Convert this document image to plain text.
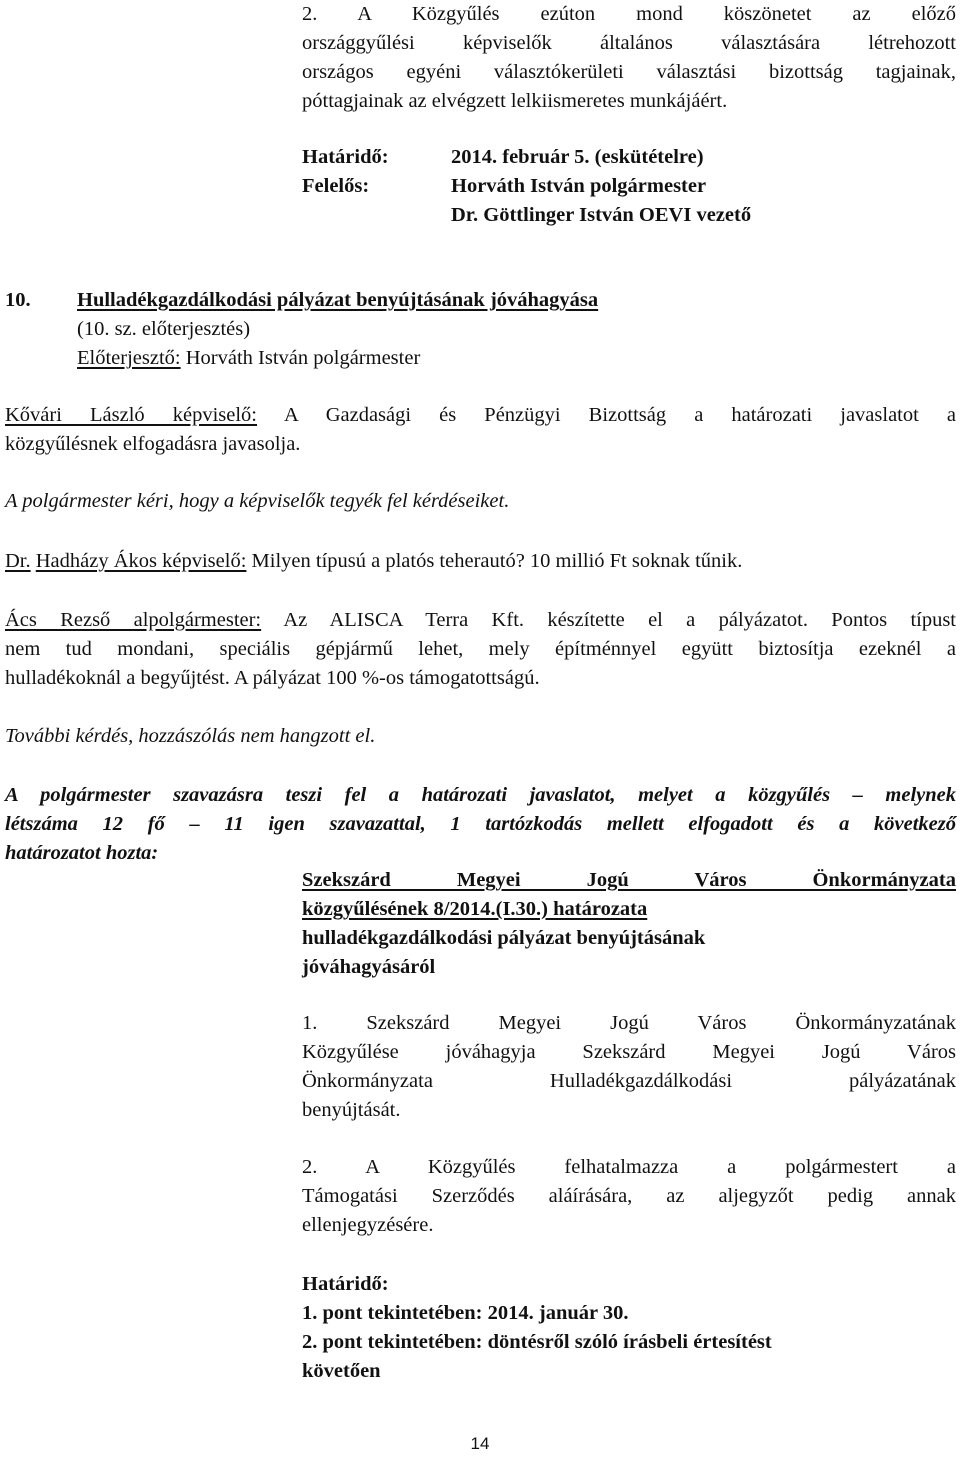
2. A Közgyűlés ezúton mond köszönetet az előző
országgyűlési képviselők általános választására létrehozott
országos egyéni választókerületi választási bizottság tagjainak,
póttagjainak az elvégzett lelkiismeretes munkájáért.
Határidő:	2014. február 5. (eskütételre)
Felelős:	Horváth István polgármester
Dr. Göttlinger István OEVI vezető
10. Hulladékgazdálkodási pályázat benyújtásának jóváhagyása
(10. sz. előterjesztés)
Előterjesztő: Horváth István polgármester
Kővári László képviselő: A Gazdasági és Pénzügyi Bizottság a határozati javaslatot a
közgyűlésnek elfogadásra javasolja.
A polgármester kéri, hogy a képviselők tegyék fel kérdéseiket.
Dr. Hadházy Ákos képviselő: Milyen típusú a platós teherautó? 10 millió Ft soknak tűnik.
Ács Rezső alpolgármester: Az ALISCA Terra Kft. készítette el a pályázatot. Pontos típust
nem tud mondani, speciális gépjármű lehet, mely építménnyel együtt biztosítja ezeknél a
hulladékoknál a begyűjtést. A pályázat 100 %-os támogatottságú.
További kérdés, hozzászólás nem hangzott el.
A polgármester szavazásra teszi fel a határozati javaslatot, melyet a közgyűlés – melynek
létszáma 12 fő – 11 igen szavazattal, 1 tartózkodás mellett elfogadott és a következő
határozatot hozta:
Szekszárd Megyei Jogú Város Önkormányzata
közgyűlésének 8/2014.(I.30.) határozata
hulladékgazdálkodási pályázat benyújtásának
jóváhagyásáról
1. Szekszárd Megyei Jogú Város Önkormányzatának
Közgyűlése jóváhagyja Szekszárd Megyei Jogú Város
Önkormányzata Hulladékgazdálkodási pályázatának
benyújtását.
2. A Közgyűlés felhatalmazza a polgármestert a
Támogatási Szerződés aláírására, az aljegyzőt pedig annak
ellenjegyzésére.
Határidő:
1. pont tekintetében: 2014. január 30.
2. pont tekintetében: döntésről szóló írásbeli értesítést
követően
14
